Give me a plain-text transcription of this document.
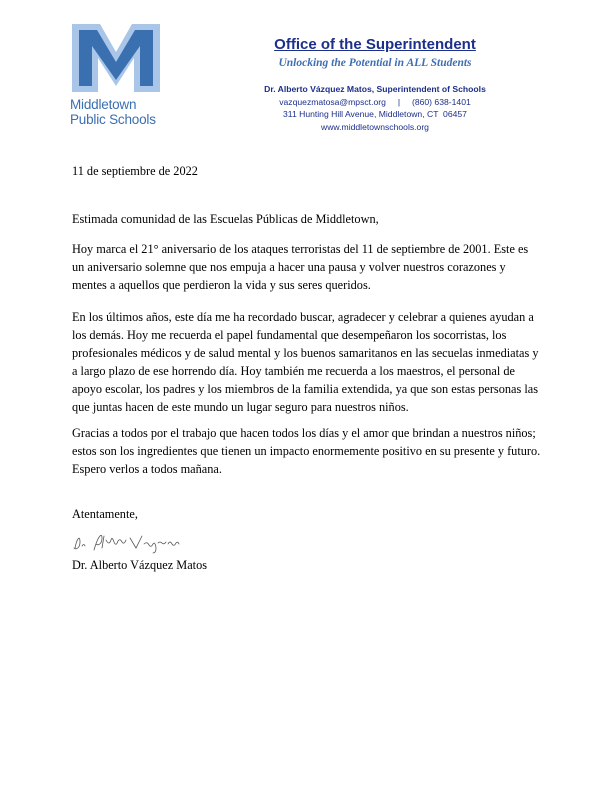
Middletown
Public Schools
Office of the Superintendent
Unlocking the Potential in ALL Students
Dr. Alberto Vázquez Matos, Superintendent of Schools
vazquezmatosa@mpsct.org     |     (860) 638-1401
311 Hunting Hill Avenue, Middletown, CT  06457
www.middletownschools.org
11 de septiembre de 2022
Estimada comunidad de las Escuelas Públicas de Middletown,

Hoy marca el 21° aniversario de los ataques terroristas del 11 de septiembre de 2001. Este es un aniversario solemne que nos empuja a hacer una pausa y volver nuestros corazones y mentes a aquellos que perdieron la vida y sus seres queridos.

En los últimos años, este día me ha recordado buscar, agradecer y celebrar a quienes ayudan a los demás. Hoy me recuerda el papel fundamental que desempeñaron los socorristas, los profesionales médicos y de salud mental y los buenos samaritanos en las secuelas inmediatas y a largo plazo de ese horrendo día. Hoy también me recuerda a los maestros, el personal de apoyo escolar, los padres y los miembros de la familia extendida, ya que son estas personas las que juntas hacen de este mundo un lugar seguro para nuestros niños.

Gracias a todos por el trabajo que hacen todos los días y el amor que brindan a nuestros niños; estos son los ingredientes que tienen un impacto enormemente positivo en su presente y futuro. Espero verlos a todos mañana.

Atentamente,
Dr. Alberto Vázquez Matos
